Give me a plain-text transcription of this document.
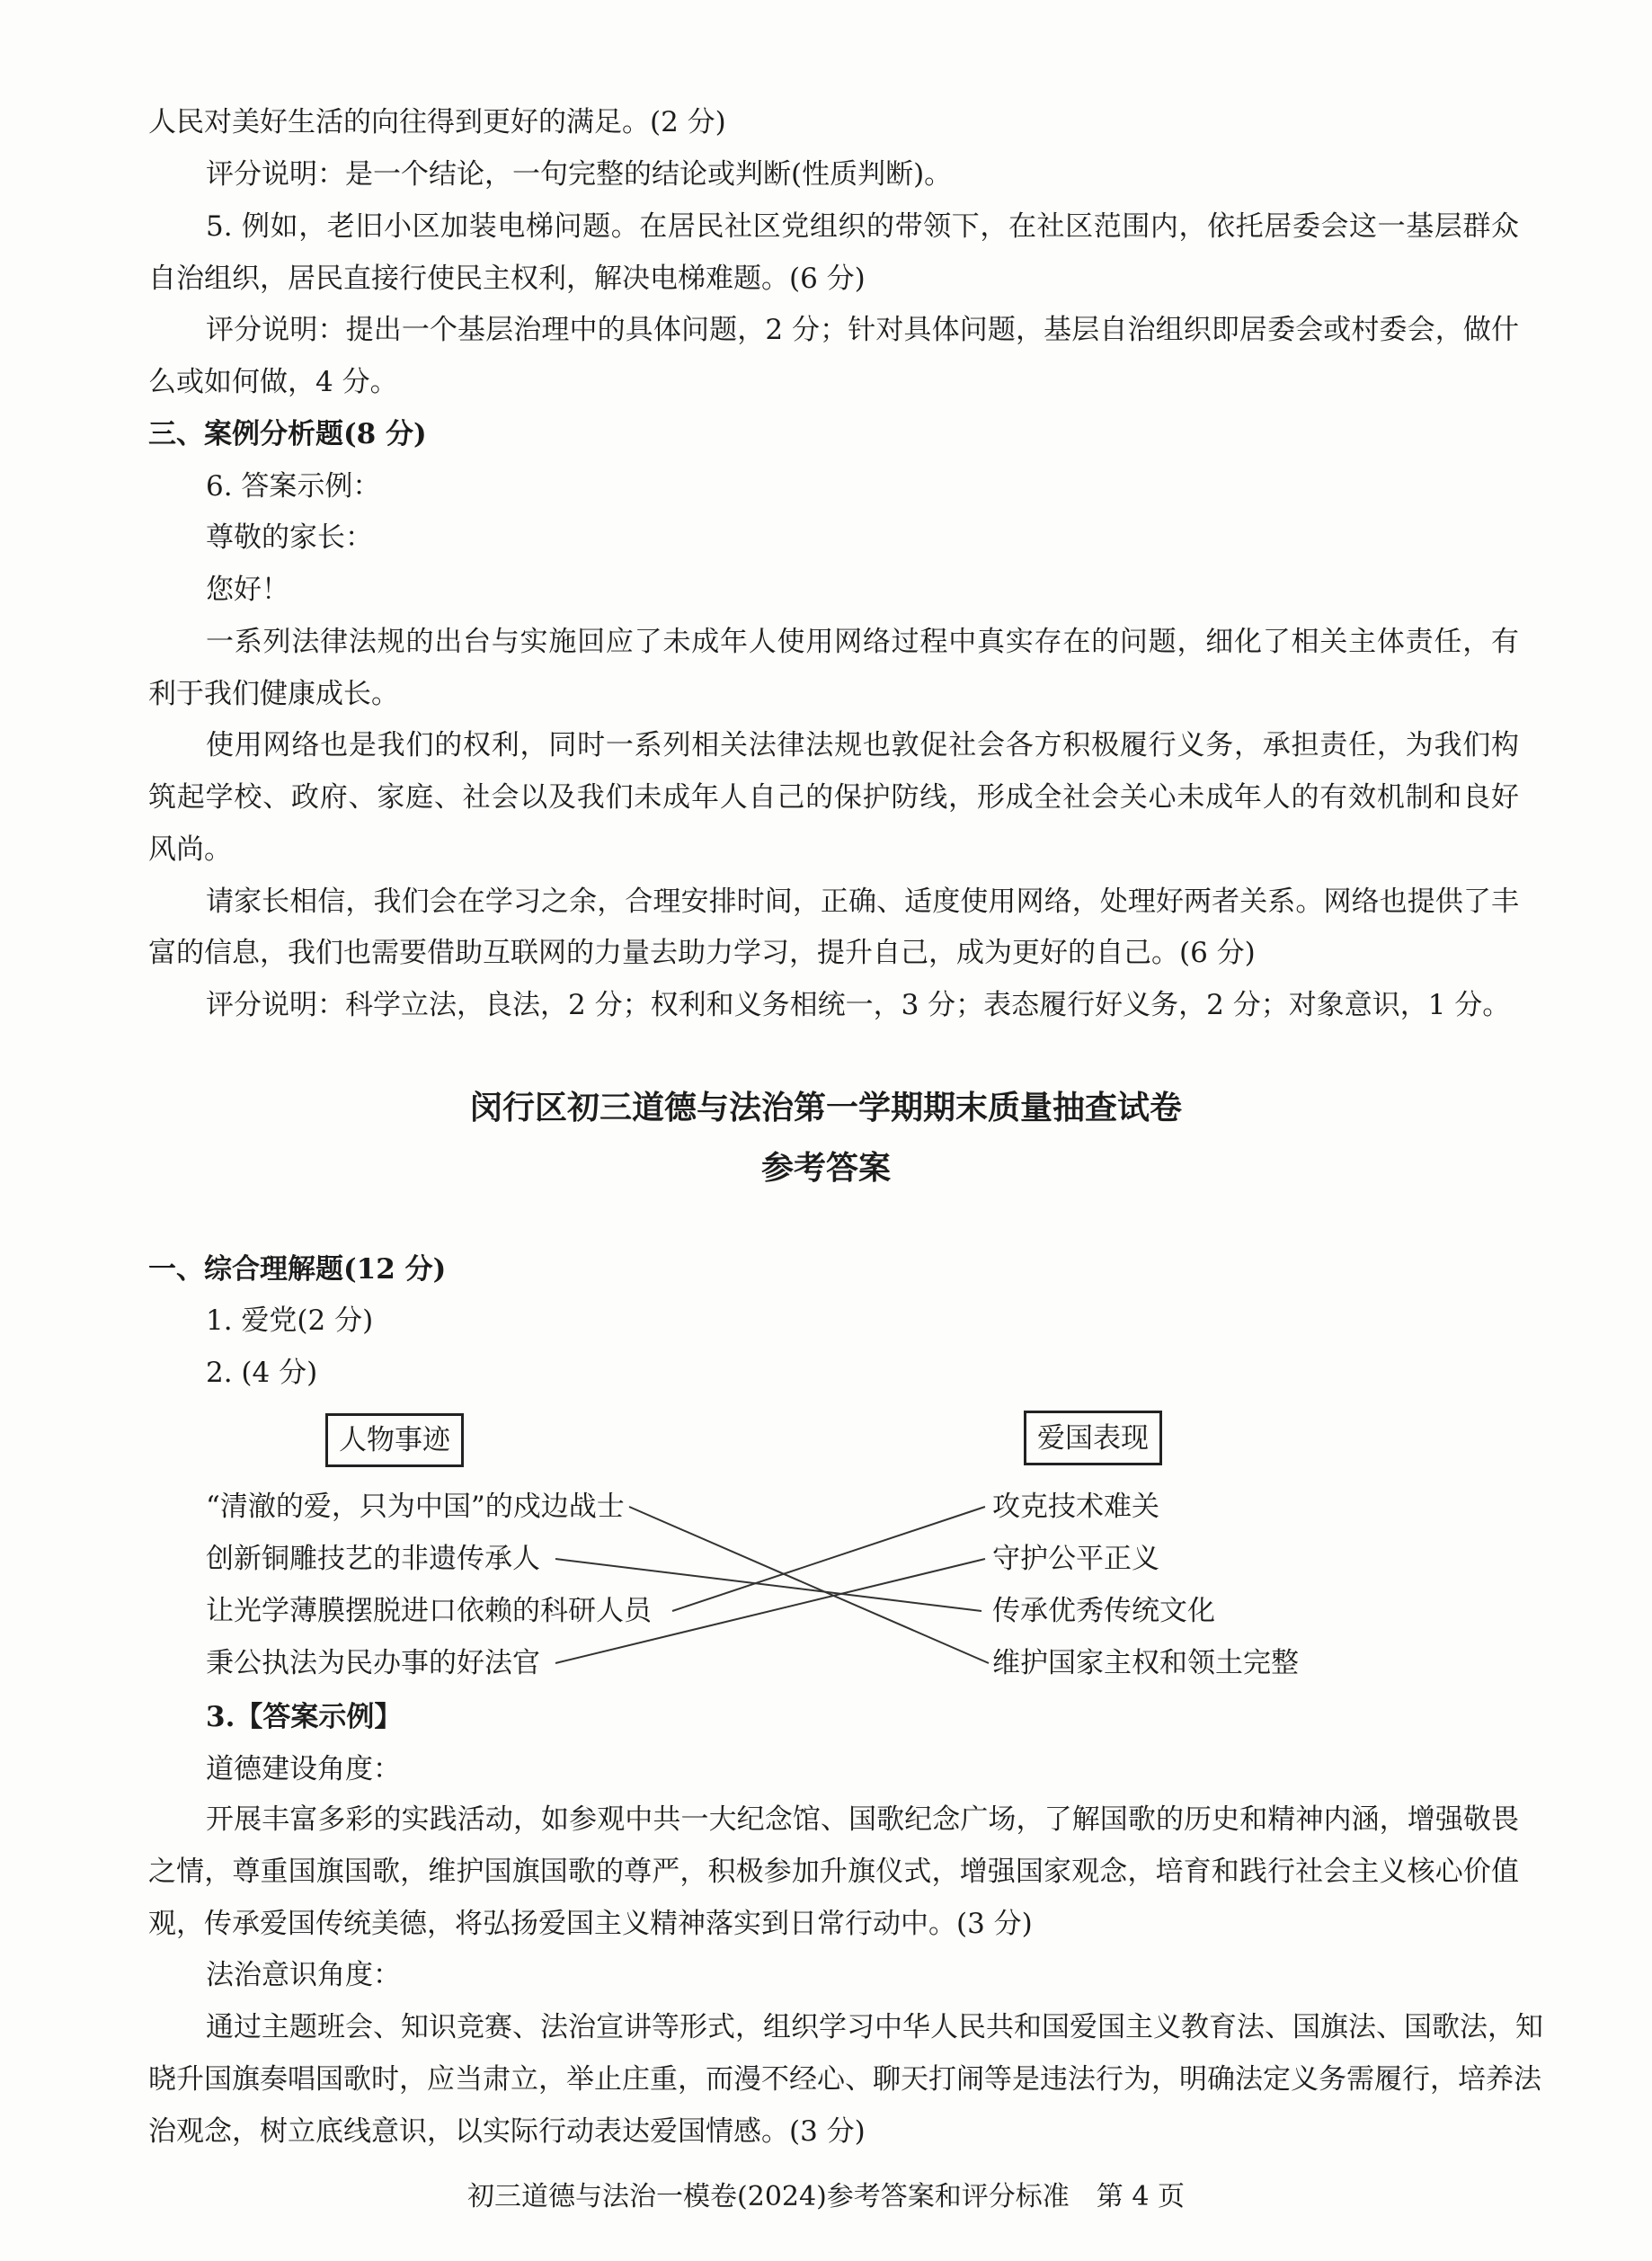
人民对美好生活的向往得到更好的满足。(2 分)
评分说明：是一个结论，一句完整的结论或判断(性质判断)。
5. 例如，老旧小区加装电梯问题。在居民社区党组织的带领下，在社区范围内，依托居委会这一基层群众
自治组织，居民直接行使民主权利，解决电梯难题。(6 分)
评分说明：提出一个基层治理中的具体问题，2 分；针对具体问题，基层自治组织即居委会或村委会，做什
么或如何做，4 分。
三、案例分析题(8 分)
6. 答案示例：
尊敬的家长：
您好！
一系列法律法规的出台与实施回应了未成年人使用网络过程中真实存在的问题，细化了相关主体责任，有
利于我们健康成长。
使用网络也是我们的权利，同时一系列相关法律法规也敦促社会各方积极履行义务，承担责任，为我们构
筑起学校、政府、家庭、社会以及我们未成年人自己的保护防线，形成全社会关心未成年人的有效机制和良好
风尚。
请家长相信，我们会在学习之余，合理安排时间，正确、适度使用网络，处理好两者关系。网络也提供了丰
富的信息，我们也需要借助互联网的力量去助力学习，提升自己，成为更好的自己。(6 分)
评分说明：科学立法，良法，2 分；权利和义务相统一，3 分；表态履行好义务，2 分；对象意识，1 分。
闵行区初三道德与法治第一学期期末质量抽查试卷
参考答案
一、综合理解题(12 分)
1. 爱党(2 分)
2. (4 分)
人物事迹	爱国表现
“清澈的爱，只为中国”的戍边战士
创新铜雕技艺的非遗传承人
让光学薄膜摆脱进口依赖的科研人员
秉公执法为民办事的好法官
攻克技术难关
守护公平正义
传承优秀传统文化
维护国家主权和领土完整
3.【答案示例】
道德建设角度：
开展丰富多彩的实践活动，如参观中共一大纪念馆、国歌纪念广场，了解国歌的历史和精神内涵，增强敬畏
之情，尊重国旗国歌，维护国旗国歌的尊严，积极参加升旗仪式，增强国家观念，培育和践行社会主义核心价值
观，传承爱国传统美德，将弘扬爱国主义精神落实到日常行动中。(3 分)
法治意识角度：
通过主题班会、知识竞赛、法治宣讲等形式，组织学习中华人民共和国爱国主义教育法、国旗法、国歌法，知
晓升国旗奏唱国歌时，应当肃立，举止庄重，而漫不经心、聊天打闹等是违法行为，明确法定义务需履行，培养法
治观念，树立底线意识，以实际行动表达爱国情感。(3 分)
初三道德与法治一模卷(2024)参考答案和评分标准　第 4 页
